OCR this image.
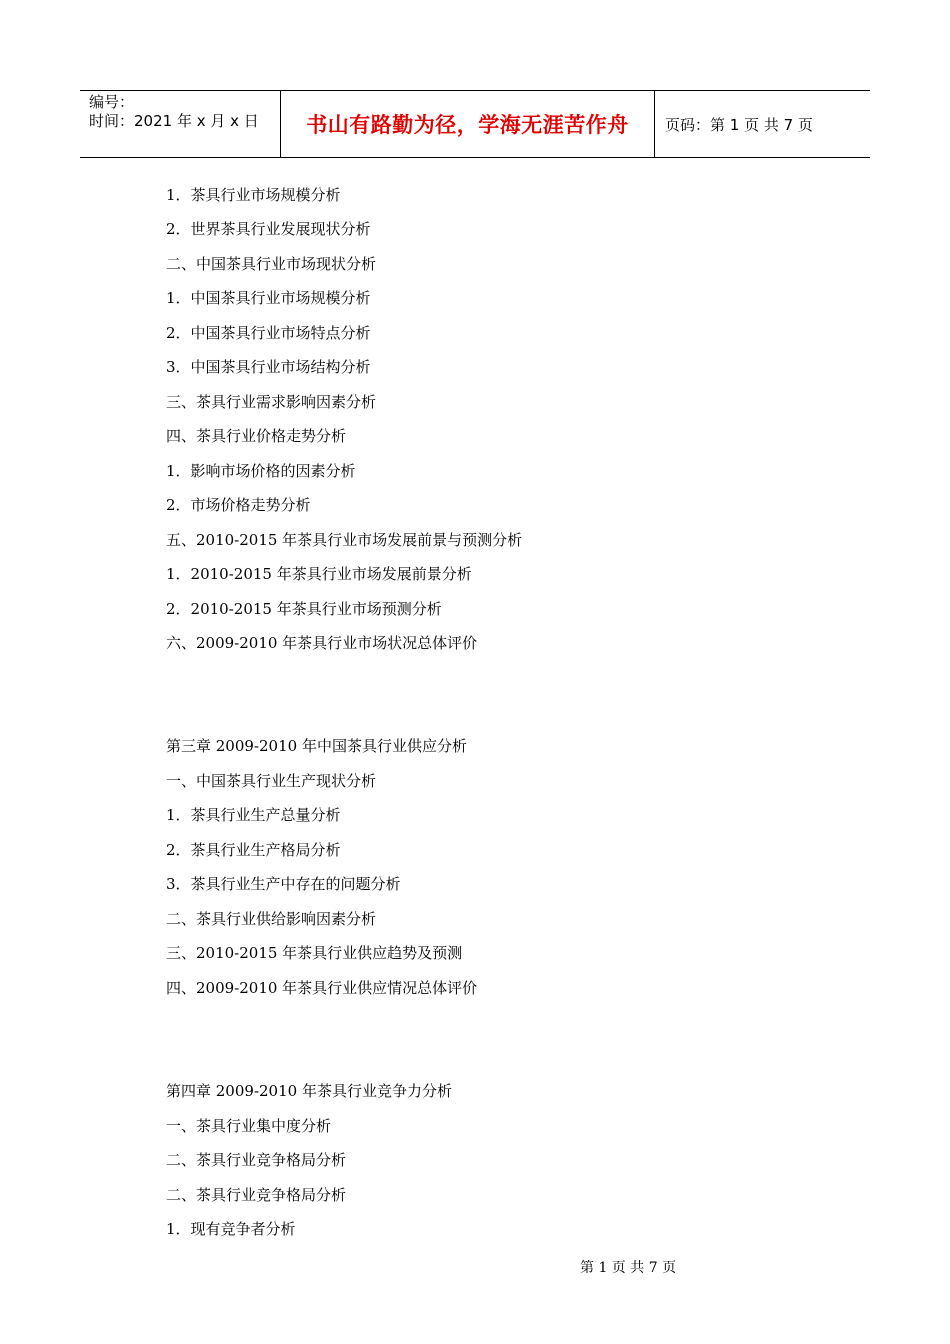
编号：
时间：2021 年 x 月 x 日	书山有路勤为径，学海无涯苦作舟	页码：第 1 页 共 7 页
1．茶具行业市场规模分析
2．世界茶具行业发展现状分析
二、中国茶具行业市场现状分析
1．中国茶具行业市场规模分析
2．中国茶具行业市场特点分析
3．中国茶具行业市场结构分析
三、茶具行业需求影响因素分析
四、茶具行业价格走势分析
1．影响市场价格的因素分析
2．市场价格走势分析
五、2010-2015 年茶具行业市场发展前景与预测分析
1．2010-2015 年茶具行业市场发展前景分析
2．2010-2015 年茶具行业市场预测分析
六、2009-2010 年茶具行业市场状况总体评价
第三章 2009-2010 年中国茶具行业供应分析
一、中国茶具行业生产现状分析
1．茶具行业生产总量分析
2．茶具行业生产格局分析
3．茶具行业生产中存在的问题分析
二、茶具行业供给影响因素分析
三、2010-2015 年茶具行业供应趋势及预测
四、2009-2010 年茶具行业供应情况总体评价
第四章 2009-2010 年茶具行业竞争力分析
一、茶具行业集中度分析
二、茶具行业竞争格局分析
二、茶具行业竞争格局分析
1．现有竞争者分析
第 1 页 共 7 页
